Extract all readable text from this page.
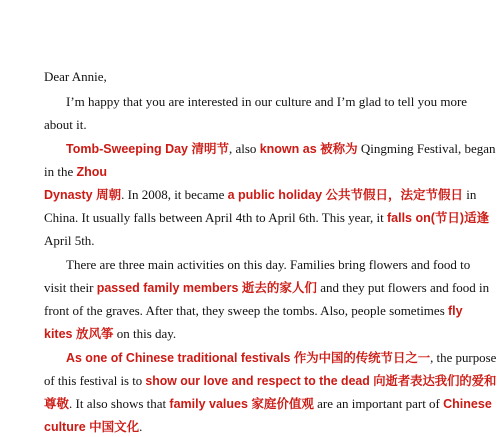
Dear Annie,
I’m happy that you are interested in our culture and I’m glad to tell you more
about it.
Tomb-Sweeping Day 清明节, also known as 被称为 Qingming Festival, began
in the Zhou
Dynasty 周朝. In 2008, it became a public holiday 公共节假日，法定节假日 in
China. It usually falls between April 4th to April 6th. This year, it falls on(节日)适逢
April 5th.
There are three main activities on this day. Families bring flowers and food to
visit their passed family members 逝去的家人们 and they put flowers and food in
front of the graves. After that, they sweep the tombs. Also, people sometimes fly
kites 放风筝 on this day.
As one of Chinese traditional festivals 作为中国的传统节日之一, the purpose
of this festival is to show our love and respect to the dead 向逝者表达我们的爱和
尊敬. It also shows that family values 家庭价值观 are an important part of Chinese
culture 中国文化.
